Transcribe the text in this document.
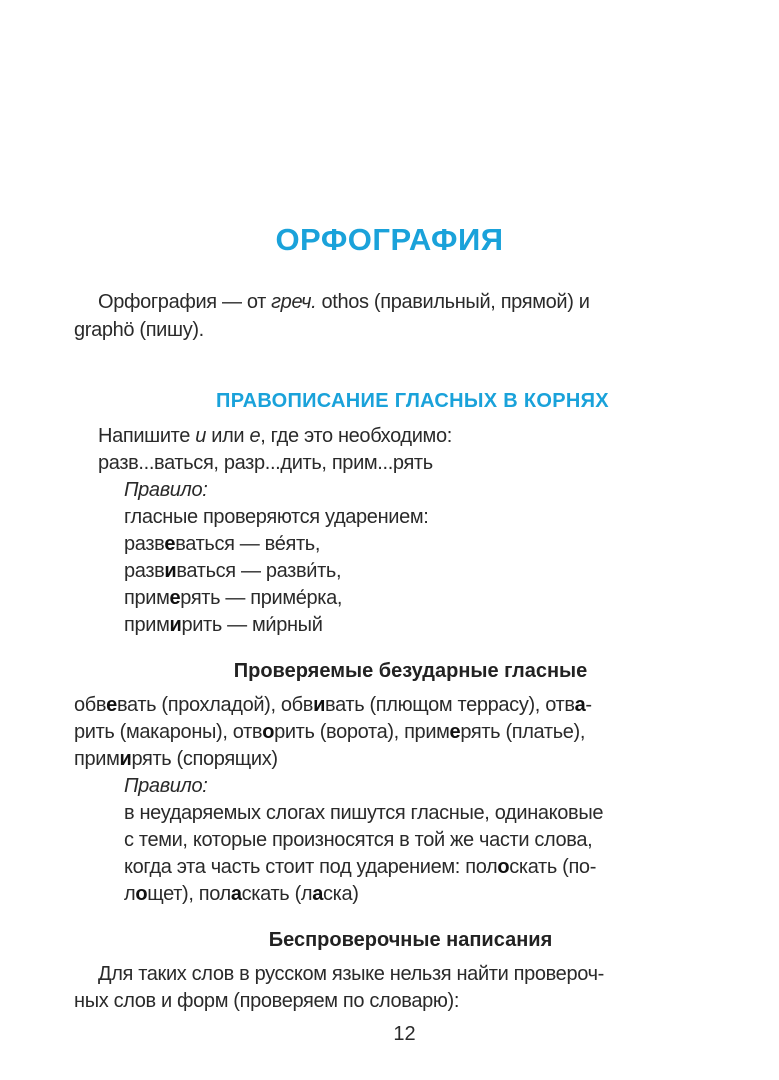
ОРФОГРАФИЯ
Орфография — от греч. othos (правильный, прямой) и
graphö (пишу).
ПРАВОПИСАНИЕ ГЛАСНЫХ В КОРНЯХ
Напишите и или е, где это необходимо:
разв...ваться, разр...дить, прим...рять
Правило:
гласные проверяются ударением:
развеваться — ве́ять,
развиваться — разви́ть,
примерять — приме́рка,
примирить — ми́рный
Проверяемые безударные гласные
обвевать (прохладой), обвивать (плющом террасу), отва-
рить (макароны), отворить (ворота), примерять (платье),
примирять (спорящих)
Правило:
в неударяемых слогах пишутся гласные, одинаковые
с теми, которые произносятся в той же части слова,
когда эта часть стоит под ударением: полоскать (по-
лощет), поласкать (ласка)
Беспроверочные написания
Для таких слов в русском языке нельзя найти провероч-
ных слов и форм (проверяем по словарю):
12
